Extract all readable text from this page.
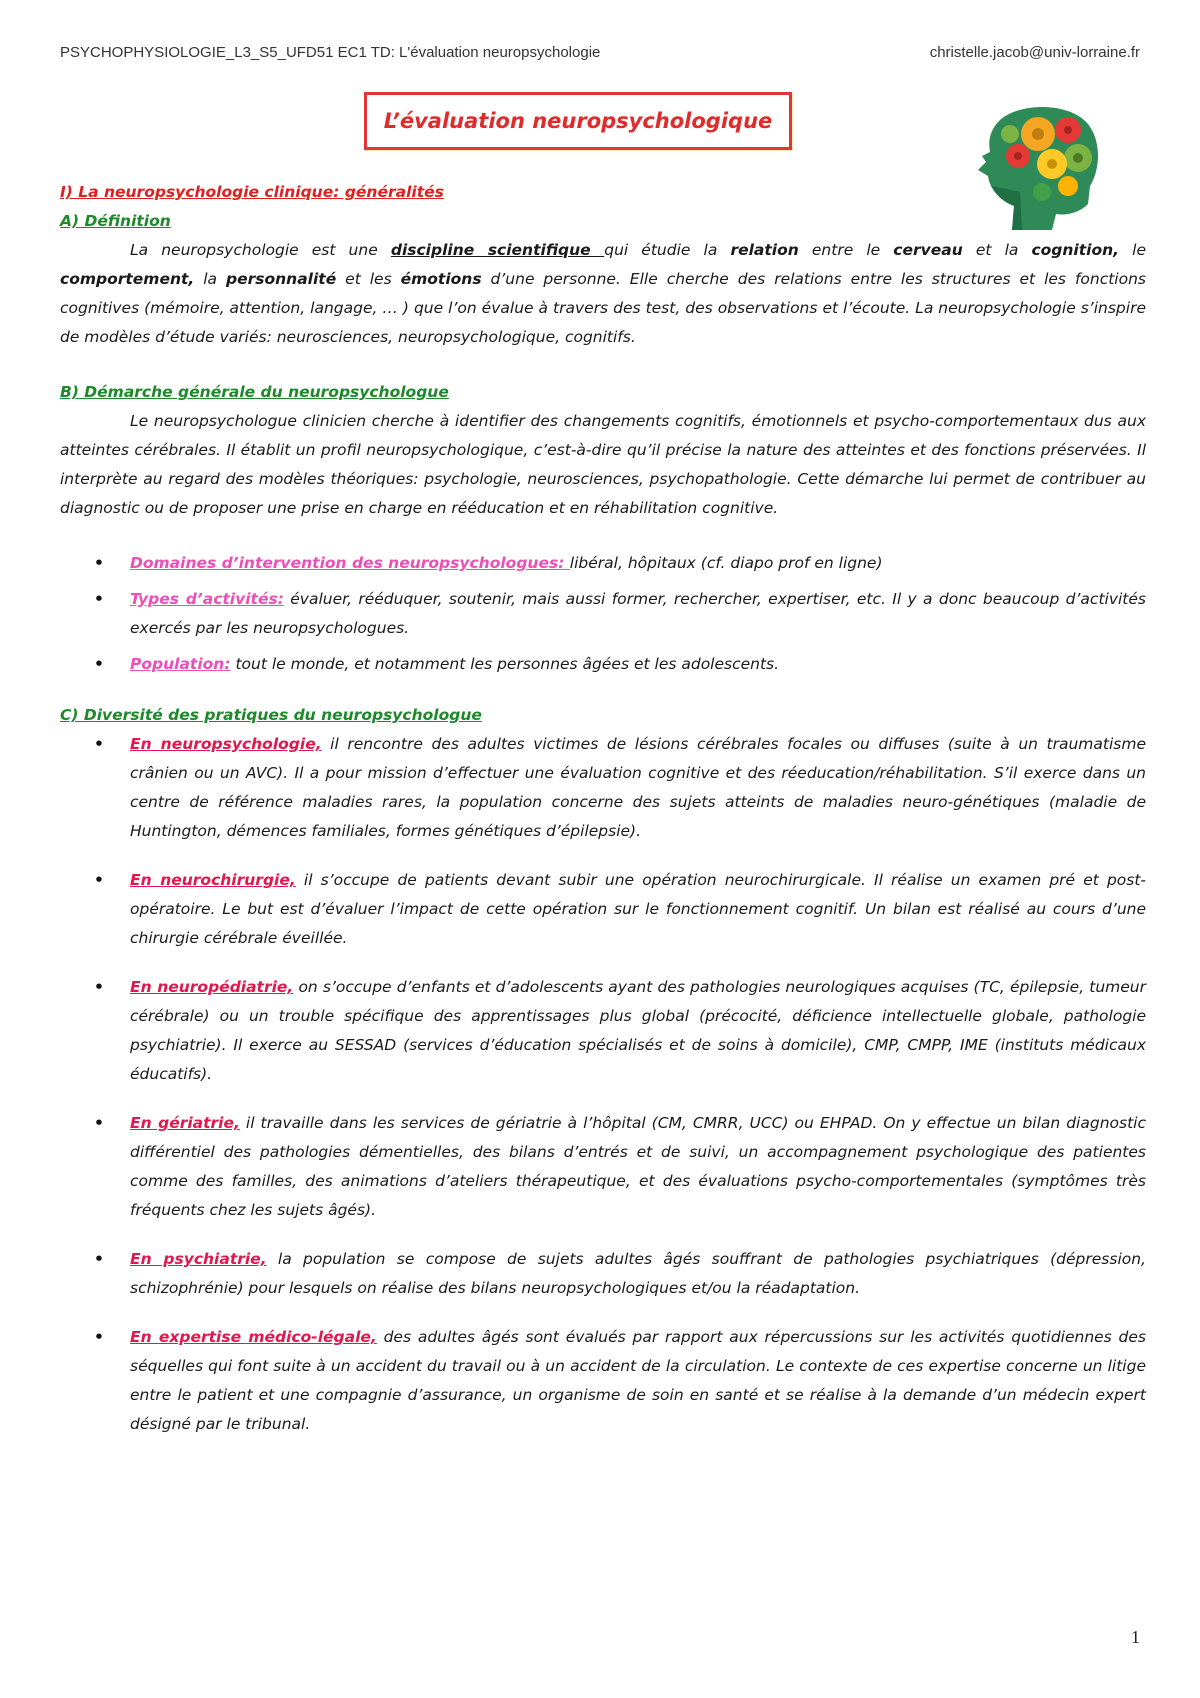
PSYCHOPHYSIOLOGIE_L3_S5_UFD51 EC1 TD: L'évaluation neuropsychologie	christelle.jacob@univ-lorraine.fr
L’évaluation neuropsychologique

I) La neuropsychologie clinique: généralités

A) Définition

La neuropsychologie est une discipline scientifique qui étudie la relation entre le cerveau et la cognition, le comportement, la personnalité et les émotions d’une personne. Elle cherche des relations entre les structures et les fonctions cognitives (mémoire, attention, langage, … ) que l’on évalue à travers des test, des observations et l’écoute. La neuropsychologie s’inspire de modèles d’étude variés: neurosciences, neuropsychologique, cognitifs.

B) Démarche générale du neuropsychologue

Le neuropsychologue clinicien cherche à identifier des changements cognitifs, émotionnels et psycho-comportementaux dus aux atteintes cérébrales. Il établit un profil neuropsychologique, c’est-à-dire qu’il précise la nature des atteintes et des fonctions préservées. Il interprète au regard des modèles théoriques: psychologie, neurosciences, psychopathologie. Cette démarche lui permet de contribuer au diagnostic ou de proposer une prise en charge en rééducation et en réhabilitation cognitive.

• Domaines d’intervention des neuropsychologues: libéral, hôpitaux (cf. diapo prof en ligne)
• Types d’activités: évaluer, rééduquer, soutenir, mais aussi former, rechercher, expertiser, etc. Il y a donc beaucoup d’activités exercés par les neuropsychologues.
• Population: tout le monde, et notamment les personnes âgées et les adolescents.

C) Diversité des pratiques du neuropsychologue

• En neuropsychologie, il rencontre des adultes victimes de lésions cérébrales focales ou diffuses (suite à un traumatisme crânien ou un AVC). Il a pour mission d’effectuer une évaluation cognitive et des réeducation/réhabilitation. S’il exerce dans un centre de référence maladies rares, la population concerne des sujets atteints de maladies neuro-génétiques (maladie de Huntington, démences familiales, formes génétiques d’épilepsie).
• En neurochirurgie, il s’occupe de patients devant subir une opération neurochirurgicale. Il réalise un examen pré et post-opératoire. Le but est d’évaluer l’impact de cette opération sur le fonctionnement cognitif. Un bilan est réalisé au cours d’une chirurgie cérébrale éveillée.
• En neuropédiatrie, on s’occupe d’enfants et d’adolescents ayant des pathologies neurologiques acquises (TC, épilepsie, tumeur cérébrale) ou un trouble spécifique des apprentissages plus global (précocité, déficience intellectuelle globale, pathologie psychiatrie). Il exerce au SESSAD (services d’éducation spécialisés et de soins à domicile), CMP, CMPP, IME (instituts médicaux éducatifs).
• En gériatrie, il travaille dans les services de gériatrie à l’hôpital (CM, CMRR, UCC) ou EHPAD. On y effectue un bilan diagnostic différentiel des pathologies démentielles, des bilans d’entrés et de suivi, un accompagnement psychologique des patientes comme des familles, des animations d’ateliers thérapeutique, et des évaluations psycho-comportementales (symptômes très fréquents chez les sujets âgés).
• En psychiatrie, la population se compose de sujets adultes âgés souffrant de pathologies psychiatriques (dépression, schizophrénie) pour lesquels on réalise des bilans neuropsychologiques et/ou la réadaptation.
• En expertise médico-légale, des adultes âgés sont évalués par rapport aux répercussions sur les activités quotidiennes des séquelles qui font suite à un accident du travail ou à un accident de la circulation. Le contexte de ces expertise concerne un litige entre le patient et une compagnie d’assurance, un organisme de soin en santé et se réalise à la demande d’un médecin expert désigné par le tribunal.
1
